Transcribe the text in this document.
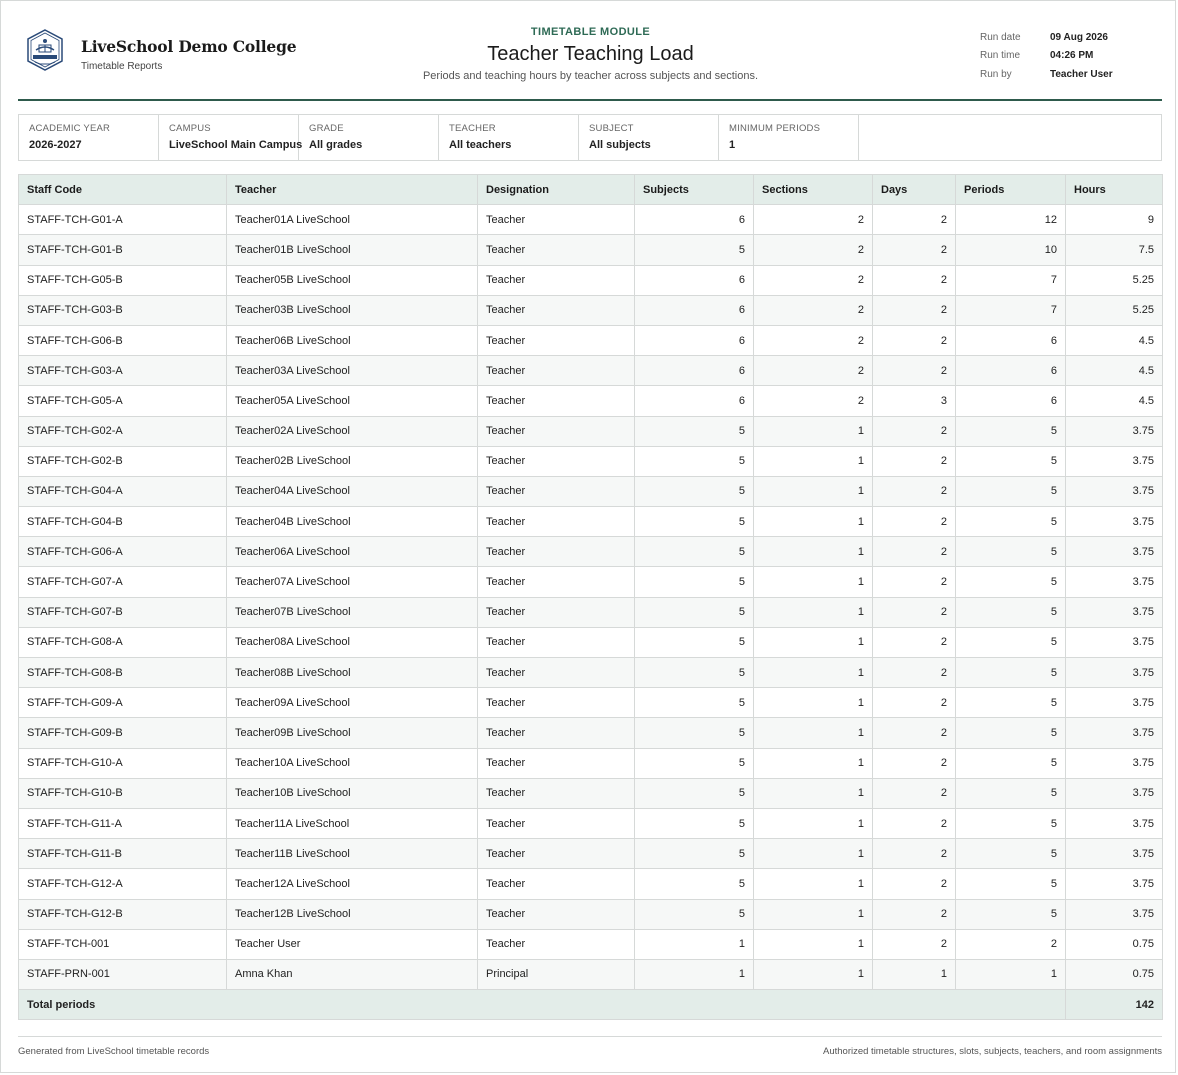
LiveSchool Demo College
Timetable Reports
TIMETABLE MODULE
Teacher Teaching Load
Periods and teaching hours by teacher across subjects and sections.
Run date	09 Aug 2026
Run time	04:26 PM
Run by	Teacher User
ACADEMIC YEAR
2026-2027
CAMPUS
LiveSchool Main Campus
GRADE
All grades
TEACHER
All teachers
SUBJECT
All subjects
MINIMUM PERIODS
1
Staff Code	Teacher	Designation	Subjects	Sections	Days	Periods	Hours
STAFF-TCH-G01-A	Teacher01A LiveSchool	Teacher	6	2	2	12	9
STAFF-TCH-G01-B	Teacher01B LiveSchool	Teacher	5	2	2	10	7.5
STAFF-TCH-G05-B	Teacher05B LiveSchool	Teacher	6	2	2	7	5.25
STAFF-TCH-G03-B	Teacher03B LiveSchool	Teacher	6	2	2	7	5.25
STAFF-TCH-G06-B	Teacher06B LiveSchool	Teacher	6	2	2	6	4.5
STAFF-TCH-G03-A	Teacher03A LiveSchool	Teacher	6	2	2	6	4.5
STAFF-TCH-G05-A	Teacher05A LiveSchool	Teacher	6	2	3	6	4.5
STAFF-TCH-G02-A	Teacher02A LiveSchool	Teacher	5	1	2	5	3.75
STAFF-TCH-G02-B	Teacher02B LiveSchool	Teacher	5	1	2	5	3.75
STAFF-TCH-G04-A	Teacher04A LiveSchool	Teacher	5	1	2	5	3.75
STAFF-TCH-G04-B	Teacher04B LiveSchool	Teacher	5	1	2	5	3.75
STAFF-TCH-G06-A	Teacher06A LiveSchool	Teacher	5	1	2	5	3.75
STAFF-TCH-G07-A	Teacher07A LiveSchool	Teacher	5	1	2	5	3.75
STAFF-TCH-G07-B	Teacher07B LiveSchool	Teacher	5	1	2	5	3.75
STAFF-TCH-G08-A	Teacher08A LiveSchool	Teacher	5	1	2	5	3.75
STAFF-TCH-G08-B	Teacher08B LiveSchool	Teacher	5	1	2	5	3.75
STAFF-TCH-G09-A	Teacher09A LiveSchool	Teacher	5	1	2	5	3.75
STAFF-TCH-G09-B	Teacher09B LiveSchool	Teacher	5	1	2	5	3.75
STAFF-TCH-G10-A	Teacher10A LiveSchool	Teacher	5	1	2	5	3.75
STAFF-TCH-G10-B	Teacher10B LiveSchool	Teacher	5	1	2	5	3.75
STAFF-TCH-G11-A	Teacher11A LiveSchool	Teacher	5	1	2	5	3.75
STAFF-TCH-G11-B	Teacher11B LiveSchool	Teacher	5	1	2	5	3.75
STAFF-TCH-G12-A	Teacher12A LiveSchool	Teacher	5	1	2	5	3.75
STAFF-TCH-G12-B	Teacher12B LiveSchool	Teacher	5	1	2	5	3.75
STAFF-TCH-001	Teacher User	Teacher	1	1	2	2	0.75
STAFF-PRN-001	Amna Khan	Principal	1	1	1	1	0.75
Total periods							142
Generated from LiveSchool timetable records	Authorized timetable structures, slots, subjects, teachers, and room assignments
